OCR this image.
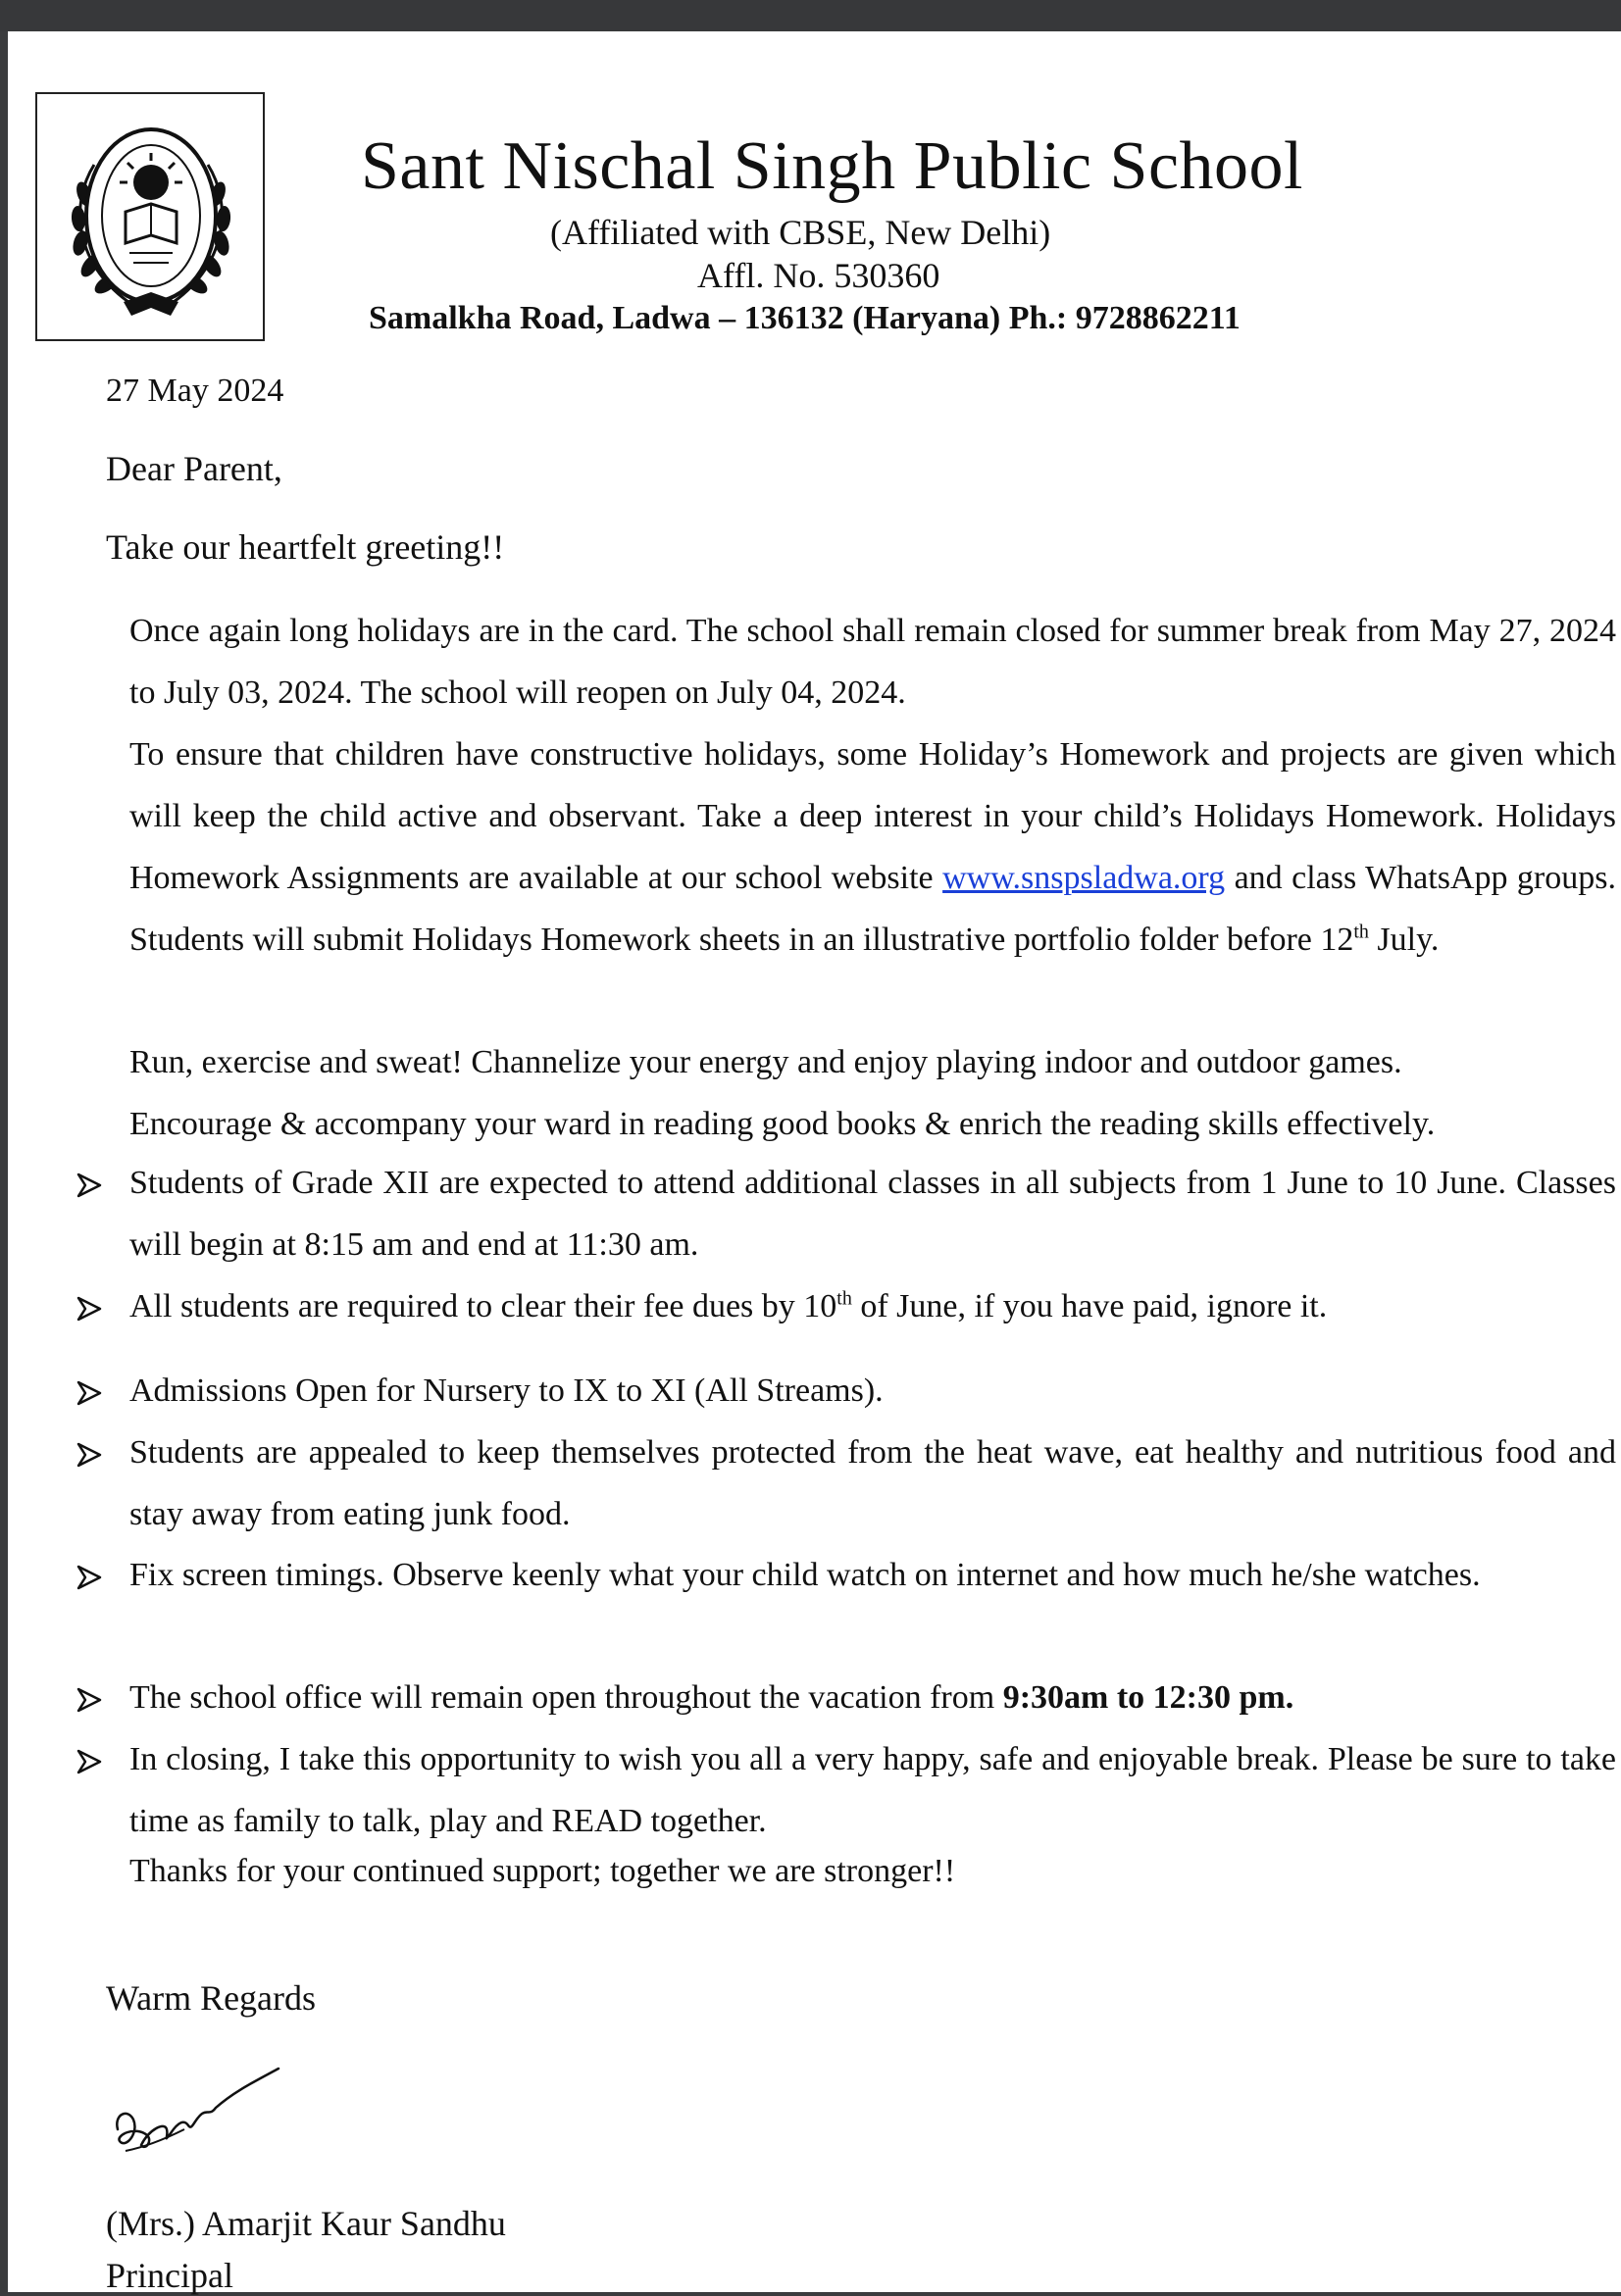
Sant Nischal Singh Public School
(Affiliated with CBSE, New Delhi)
Affl. No. 530360
Samalkha Road, Ladwa – 136132 (Haryana) Ph.: 9728862211
27 May 2024
Dear Parent,
Take our heartfelt greeting!!

Once again long holidays are in the card. The school shall remain closed for summer break from May 27, 2024 to July 03, 2024. The school will reopen on July 04, 2024.

To ensure that children have constructive holidays, some Holiday’s Homework and projects are given which will keep the child active and observant. Take a deep interest in your child’s Holidays Homework. Holidays Homework Assignments are available at our school website www.snspsladwa.org and class WhatsApp groups. Students will submit Holidays Homework sheets in an illustrative portfolio folder before 12th July.

Run, exercise and sweat! Channelize your energy and enjoy playing indoor and outdoor games.

Encourage & accompany your ward in reading good books & enrich the reading skills effectively.

Students of Grade XII are expected to attend additional classes in all subjects from 1 June to 10 June. Classes will begin at 8:15 am and end at 11:30 am.
All students are required to clear their fee dues by 10th of June, if you have paid, ignore it.
Admissions Open for Nursery to IX to XI (All Streams).
Students are appealed to keep themselves protected from the heat wave, eat healthy and nutritious food and stay away from eating junk food.
Fix screen timings. Observe keenly what your child watch on internet and how much he/she watches.
The school office will remain open throughout the vacation from 9:30am to 12:30 pm.
In closing, I take this opportunity to wish you all a very happy, safe and enjoyable break. Please be sure to take time as family to talk, play and READ together.
Thanks for your continued support; together we are stronger!!
Warm Regards
(Mrs.) Amarjit Kaur Sandhu
Principal
